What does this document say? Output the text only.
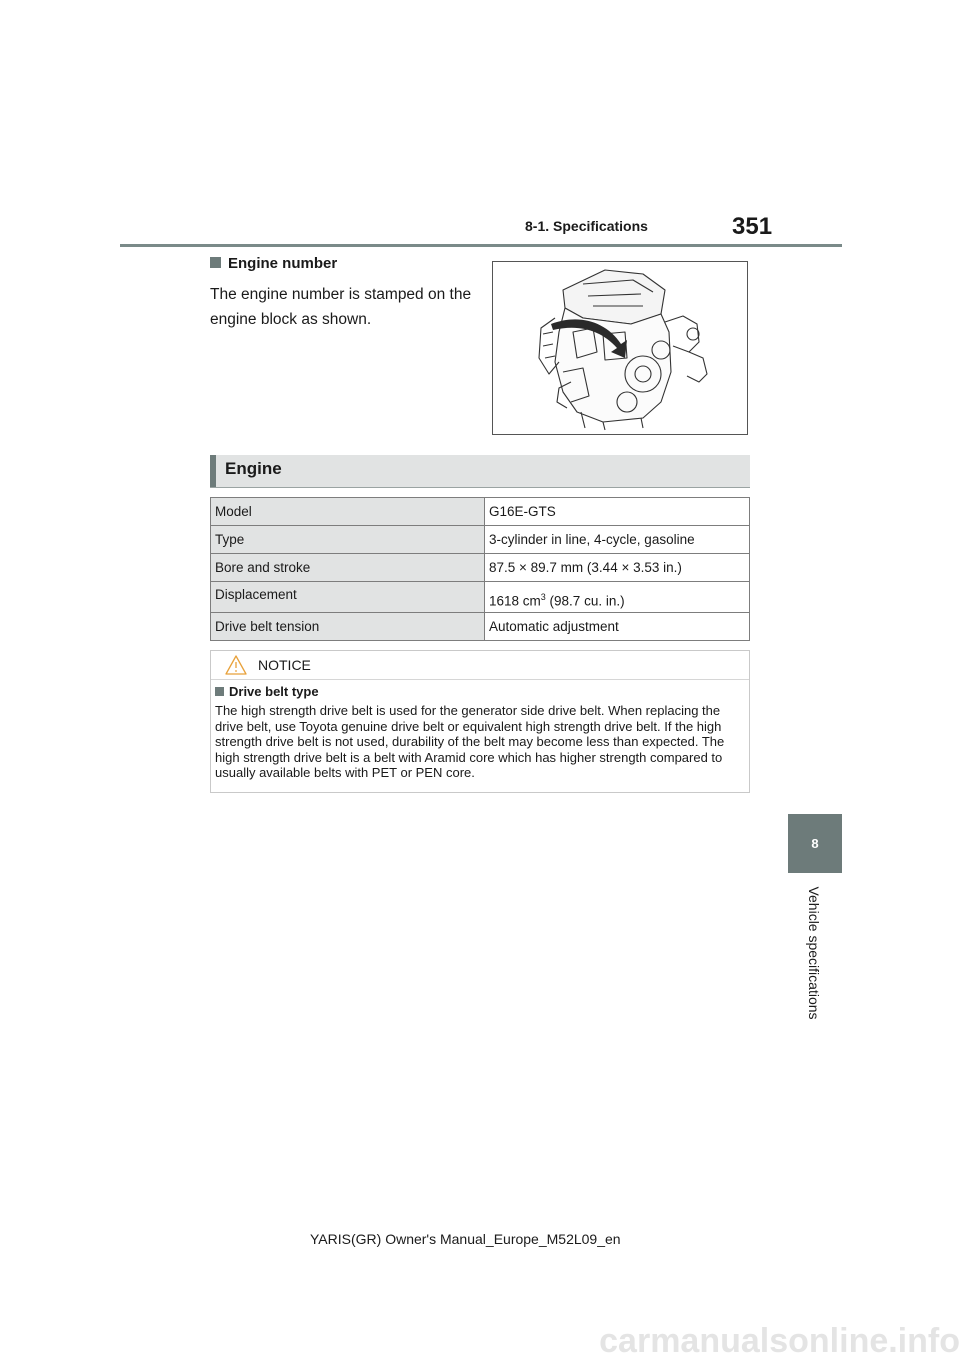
8-1. Specifications	351
8
Vehicle specifications
Engine number
The engine number is stamped on the engine block as shown.
Engine
Model	G16E-GTS
Type	3-cylinder in line, 4-cycle, gasoline
Bore and stroke	87.5 × 89.7 mm (3.44 × 3.53 in.)
Displacement	1618 $cm^3$ (98.7 cu. in.)
Drive belt tension	Automatic adjustment
NOTICE
Drive belt type
The high strength drive belt is used for the generator side drive belt. When replacing the drive belt, use Toyota genuine drive belt or equivalent high strength drive belt. If the high strength drive belt is not used, durability of the belt may become less than expected. The high strength drive belt is a belt with Aramid core which has higher strength compared to usually available belts with PET or PEN core.
YARIS(GR) Owner's Manual_Europe_M52L09_en
carmanualsonline.info
